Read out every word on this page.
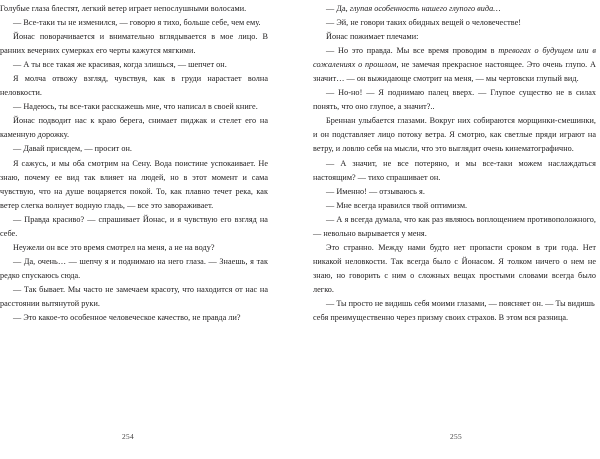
Голубые глаза блестят, легкий ветер играет непослушными волосами.

— Все-таки ты не изменился, — говорю я тихо, больше себе, чем ему.

Йонас поворачивается и внимательно вглядывается в мое лицо. В ранних вечерних сумерках его черты кажутся мягкими.

— А ты все такая же красивая, когда злишься, — шепчет он.

Я молча отвожу взгляд, чувствуя, как в груди нарастает волна неловкости.

— Надеюсь, ты все-таки расскажешь мне, что написал в своей книге.

Йонас подводит нас к краю берега, снимает пиджак и стелет его на каменную дорожку.

— Давай присядем, — просит он.

Я сажусь, и мы оба смотрим на Сену. Вода поистине успокаивает. Не знаю, почему ее вид так влияет на людей, но в этот момент и сама чувствую, что на душе воцаряется покой. То, как плавно течет река, как ветер слегка волнует водную гладь, — все это завораживает.

— Правда красиво? — спрашивает Йонас, и я чувствую его взгляд на себе.

Неужели он все это время смотрел на меня, а не на воду?

— Да, очень… — шепчу я и поднимаю на него глаза. — Знаешь, я так редко спускаюсь сюда.

— Так бывает. Мы часто не замечаем красоту, что находится от нас на расстоянии вытянутой руки.

— Это какое-то особенное человеческое качество, не правда ли?

254

— Да, глупая особенность нашего глупого вида…

— Эй, не говори таких обидных вещей о человечестве!

Йонас пожимает плечами:

— Но это правда. Мы все время проводим в тревогах о будущем или в сожалениях о прошлом, не замечая прекрасное настоящее. Это очень глупо. А значит… — он выжидающе смотрит на меня, — мы чертовски глупый вид.

— Но-но! — Я поднимаю палец вверх. — Глупое существо не в силах понять, что оно глупое, а значит?..

Бреннан улыбается глазами. Вокруг них собираются морщинки-смешинки, и он подставляет лицо потоку ветра. Я смотрю, как светлые пряди играют на ветру, и ловлю себя на мысли, что это выглядит очень кинематографично.

— А значит, не все потеряно, и мы все-таки можем наслаждаться настоящим? — тихо спрашивает он.

— Именно! — отзываюсь я.

— Мне всегда нравился твой оптимизм.

— А я всегда думала, что как раз являюсь воплощением противоположного, — невольно вырывается у меня.

Это странно. Между нами будто нет пропасти сроком в три года. Нет никакой неловкости. Так всегда было с Йонасом. Я толком ничего о нем не знаю, но говорить с ним о сложных вещах простыми словами всегда было легко.

— Ты просто не видишь себя моими глазами, — поясняет он. — Ты видишь себя преимущественно через призму своих страхов. В этом вся разница.

255
